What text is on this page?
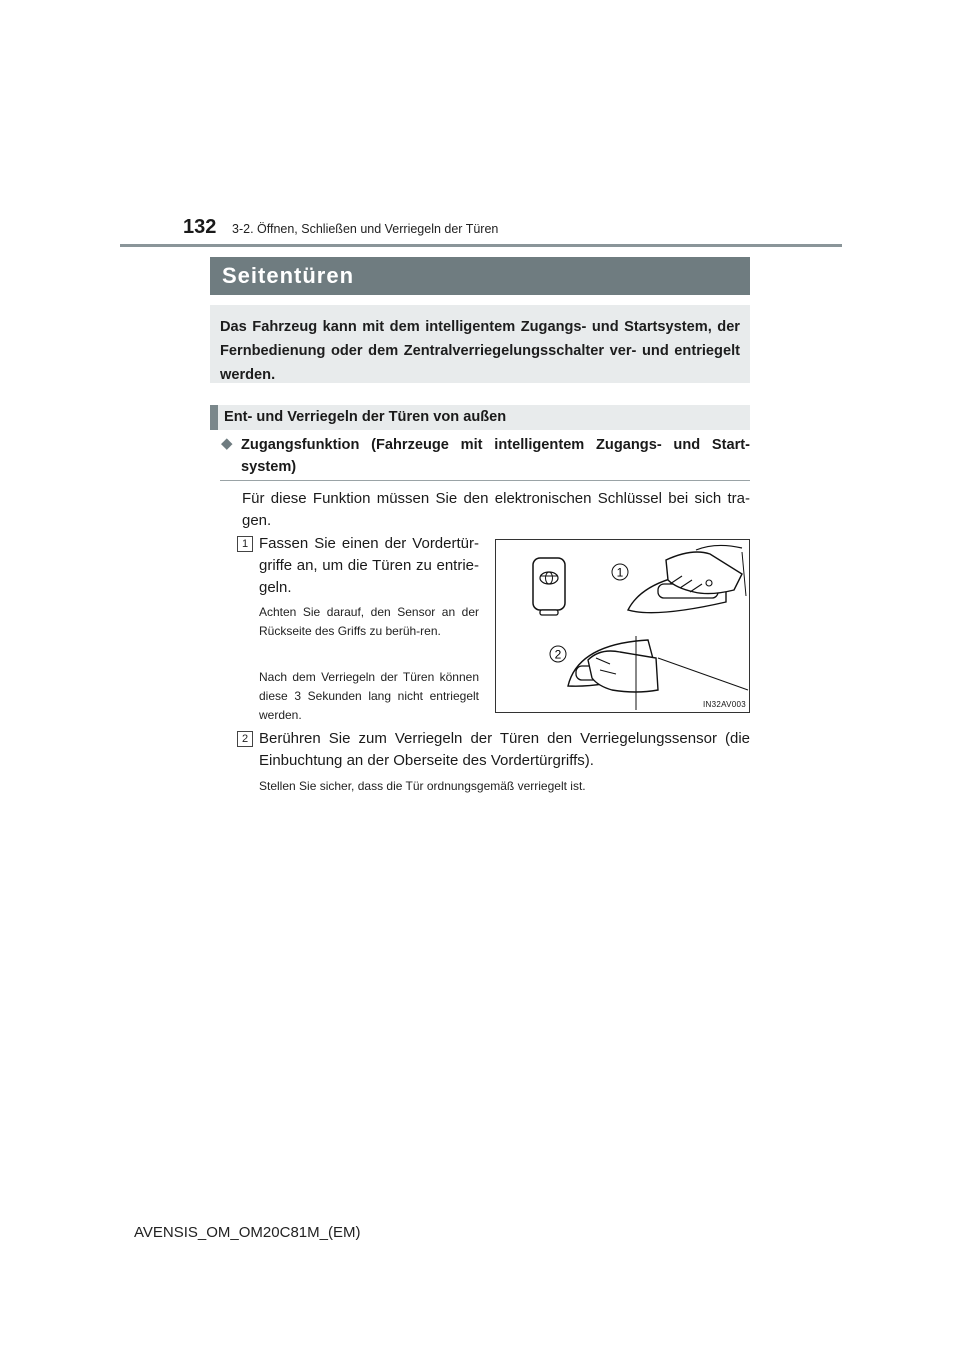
132 3-2. Öffnen, Schließen und Verriegeln der Türen
Seitentüren
Das Fahrzeug kann mit dem intelligentem Zugangs- und Startsystem, der Fernbedienung oder dem Zentralverriegelungsschalter ver- und entriegelt werden.
Ent- und Verriegeln der Türen von außen
◆ Zugangsfunktion (Fahrzeuge mit intelligentem Zugangs- und Start-system)
Für diese Funktion müssen Sie den elektronischen Schlüssel bei sich tra-gen.
1 Fassen Sie einen der Vordertür-griffe an, um die Türen zu entrie-geln.
Achten Sie darauf, den Sensor an der Rückseite des Griffs zu berüh-ren.
Nach dem Verriegeln der Türen können diese 3 Sekunden lang nicht entriegelt werden.
1
2
IN32AV003
2 Berühren Sie zum Verriegeln der Türen den Verriegelungssensor (die Einbuchtung an der Oberseite des Vordertürgriffs).
Stellen Sie sicher, dass die Tür ordnungsgemäß verriegelt ist.
AVENSIS_OM_OM20C81M_(EM)
